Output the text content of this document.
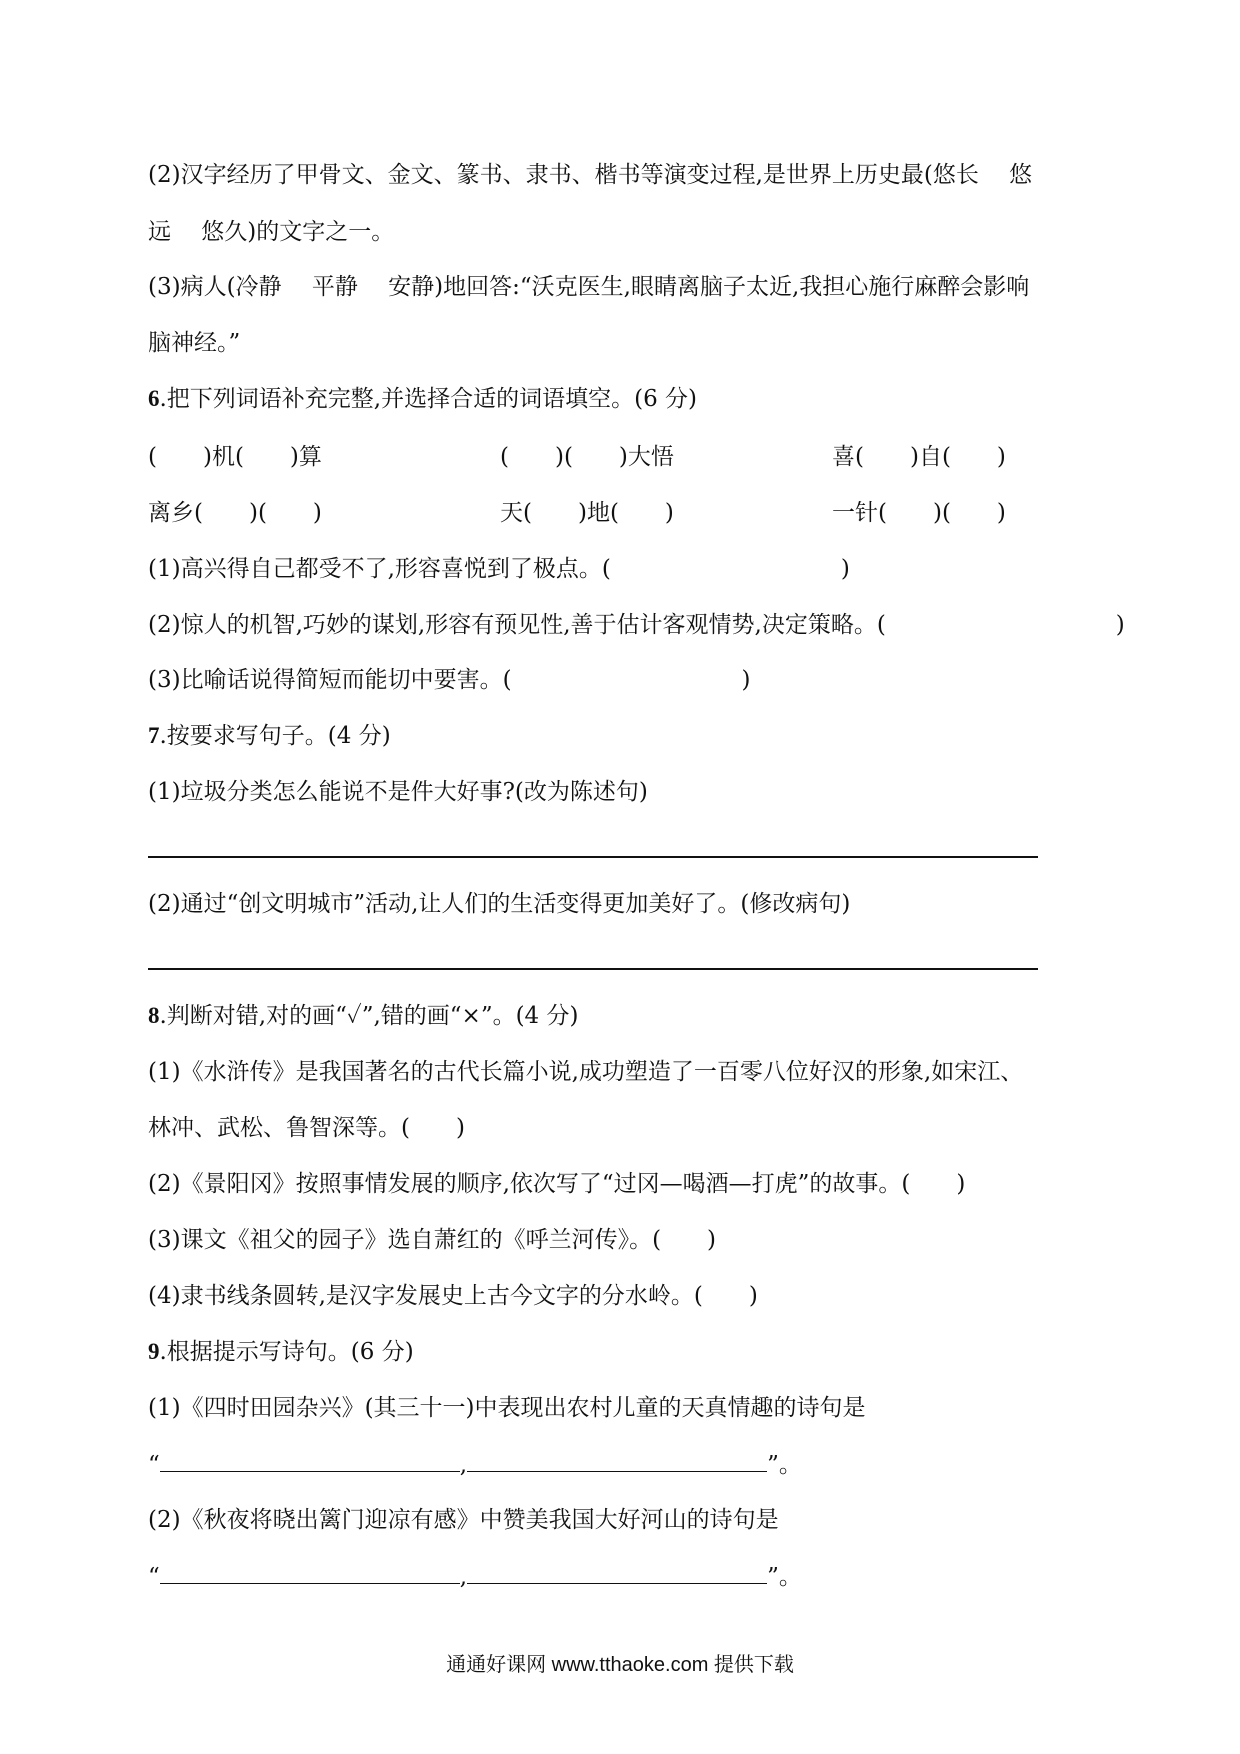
(2)汉字经历了甲骨文、金文、篆书、隶书、楷书等演变过程,是世界上历史最(悠长　 悠
远　 悠久)的文字之一。
(3)病人(冷静　 平静　 安静)地回答:“沃克医生,眼睛离脑子太近,我担心施行麻醉会影响
脑神经。”
6.把下列词语补充完整,并选择合适的词语填空。(6 分)
(　　)机(　　)算	(　　)(　　)大悟	喜(　　)自(　　)
离乡(　　)(　　)	天(　　)地(　　)	一针(　　)(　　)
(1)高兴得自己都受不了,形容喜悦到了极点。(　　　　　　　　　　)
(2)惊人的机智,巧妙的谋划,形容有预见性,善于估计客观情势,决定策略。(　　　　　　　　　　)
(3)比喻话说得简短而能切中要害。(　　　　　　　　　　)
7.按要求写句子。(4 分)
(1)垃圾分类怎么能说不是件大好事?(改为陈述句)
(2)通过“创文明城市”活动,让人们的生活变得更加美好了。(修改病句)
8.判断对错,对的画“✓”,错的画“×”。(4 分)
(1)《水浒传》是我国著名的古代长篇小说,成功塑造了一百零八位好汉的形象,如宋江、
林冲、武松、鲁智深等。(　　)
(2)《景阳冈》按照事情发展的顺序,依次写了“过冈—喝酒—打虎”的故事。(　　)
(3)课文《祖父的园子》选自萧红的《呼兰河传》。(　　)
(4)隶书线条圆转,是汉字发展史上古今文字的分水岭。(　　)
9.根据提示写诗句。(6 分)
(1)《四时田园杂兴》(其三十一)中表现出农村儿童的天真情趣的诗句是
“	,	”。
(2)《秋夜将晓出篱门迎凉有感》中赞美我国大好河山的诗句是
“	,	”。
通通好课网 www.tthaoke.com 提供下载
